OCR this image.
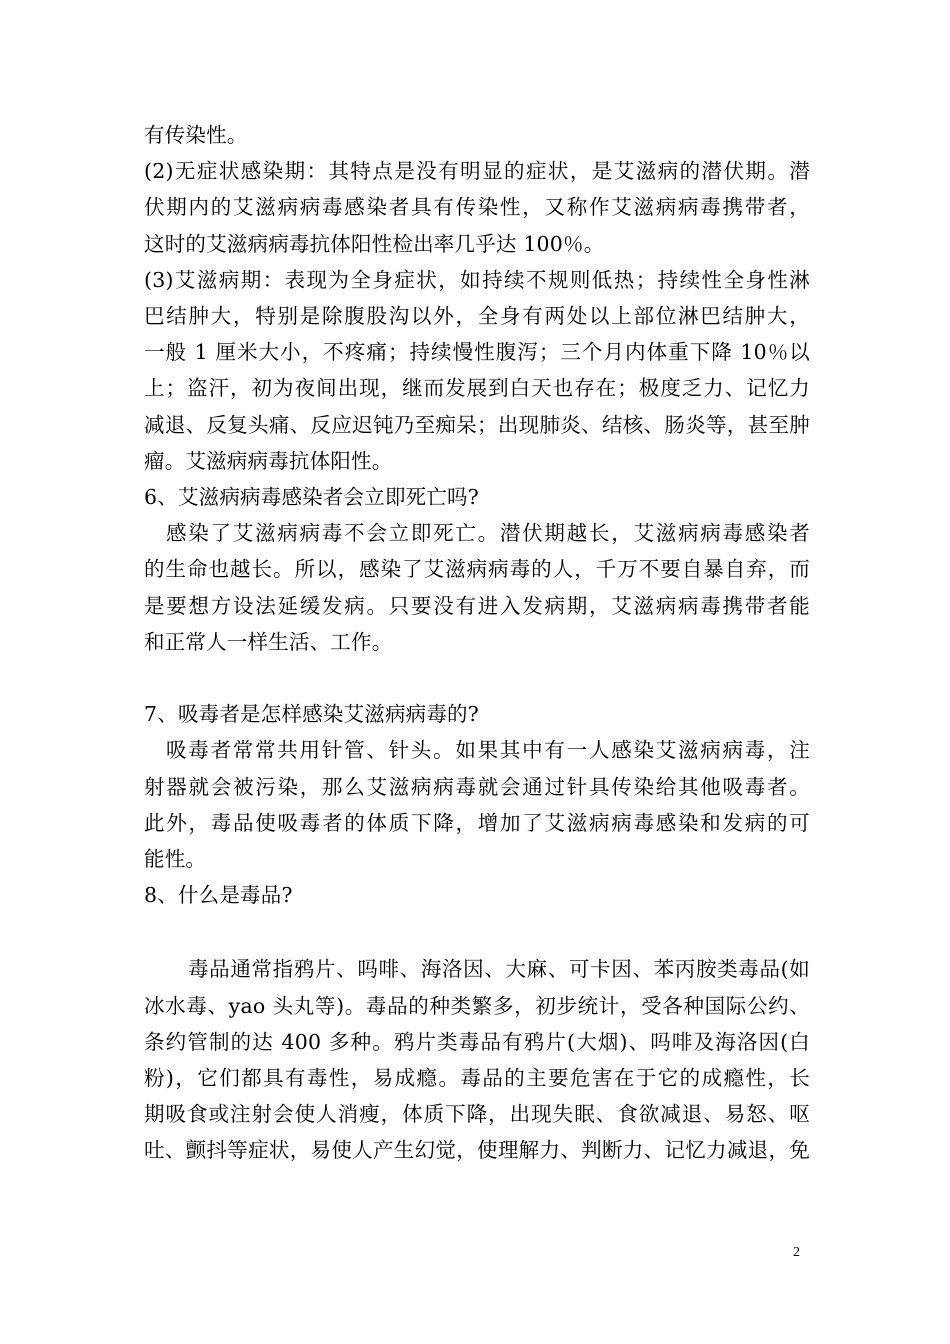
有传染性。
(2)无症状感染期：其特点是没有明显的症状，是艾滋病的潜伏期。潜
伏期内的艾滋病病毒感染者具有传染性，又称作艾滋病病毒携带者，
这时的艾滋病病毒抗体阳性检出率几乎达 100％。
(3)艾滋病期：表现为全身症状，如持续不规则低热；持续性全身性淋
巴结肿大，特别是除腹股沟以外，全身有两处以上部位淋巴结肿大，
一般 1 厘米大小，不疼痛；持续慢性腹泻；三个月内体重下降 10％以
上；盗汗，初为夜间出现，继而发展到白天也存在；极度乏力、记忆力
减退、反复头痛、反应迟钝乃至痴呆；出现肺炎、结核、肠炎等，甚至肿
瘤。艾滋病病毒抗体阳性。
6、艾滋病病毒感染者会立即死亡吗?
感染了艾滋病病毒不会立即死亡。潜伏期越长，艾滋病病毒感染者
的生命也越长。所以，感染了艾滋病病毒的人，千万不要自暴自弃，而
是要想方设法延缓发病。只要没有进入发病期，艾滋病病毒携带者能
和正常人一样生活、工作。
7、吸毒者是怎样感染艾滋病病毒的?
吸毒者常常共用针管、针头。如果其中有一人感染艾滋病病毒，注
射器就会被污染，那么艾滋病病毒就会通过针具传染给其他吸毒者。
此外，毒品使吸毒者的体质下降，增加了艾滋病病毒感染和发病的可
能性。
8、什么是毒品?
毒品通常指鸦片、吗啡、海洛因、大麻、可卡因、苯丙胺类毒品(如
冰水毒、yao 头丸等)。毒品的种类繁多，初步统计，受各种国际公约、
条约管制的达 400 多种。鸦片类毒品有鸦片(大烟)、吗啡及海洛因(白
粉)，它们都具有毒性，易成瘾。毒品的主要危害在于它的成瘾性，长
期吸食或注射会使人消瘦，体质下降，出现失眠、食欲减退、易怒、呕
吐、颤抖等症状，易使人产生幻觉，使理解力、判断力、记忆力减退，免
2
